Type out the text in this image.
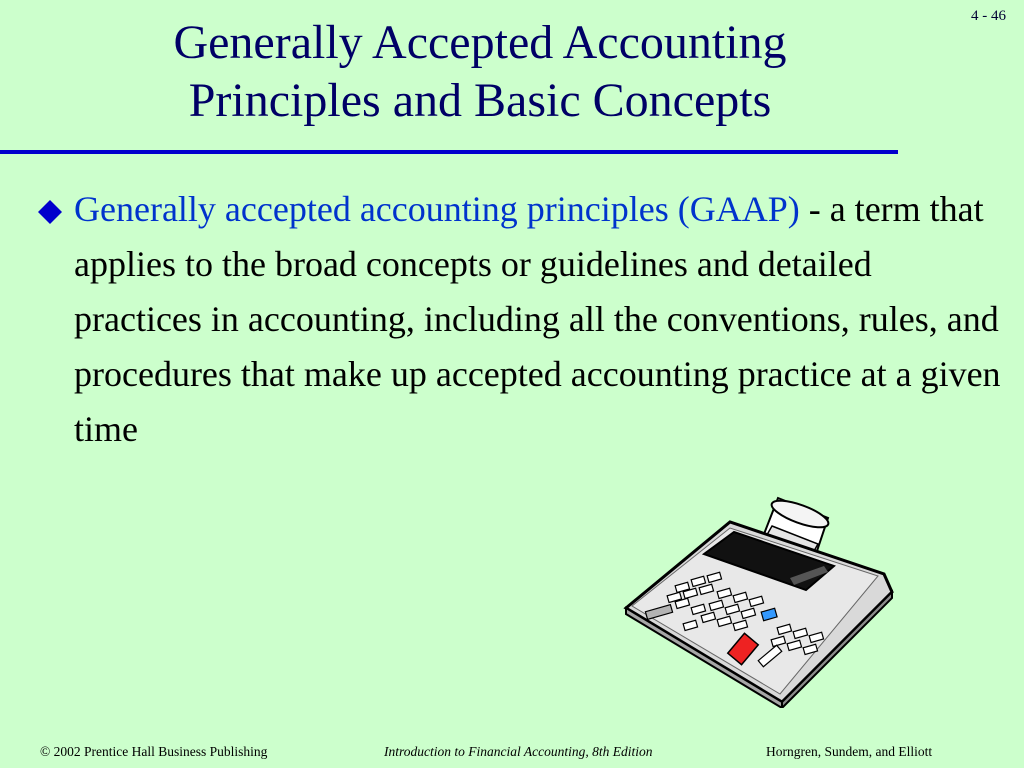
4 - 46
Generally Accepted Accounting
Principles and Basic Concepts
Generally accepted accounting principles (GAAP) - a term that applies to the broad concepts or guidelines and detailed practices in accounting, including all the conventions, rules, and procedures that make up accepted accounting practice at a given time
© 2002 Prentice Hall Business Publishing	Introduction to Financial Accounting, 8th Edition	Horngren, Sundem, and Elliott
